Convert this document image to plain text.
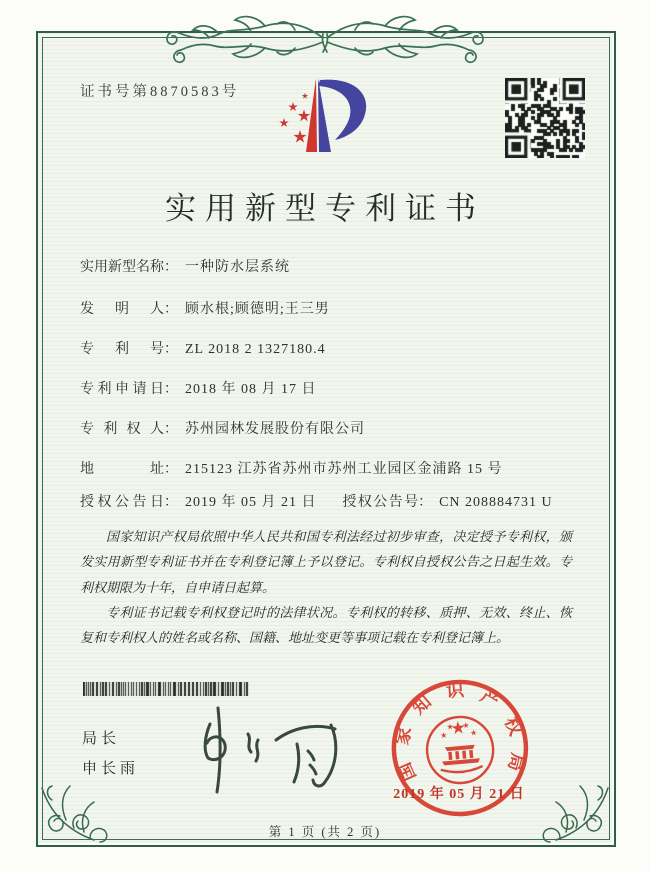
证书号第8870583号
实用新型专利证书
实用新型名称： 一种防水层系统
发明人： 顾水根;顾德明;王三男
专利号： ZL 2018 2 1327180.4
专利申请日： 2018 年 08 月 17 日
专利权人： 苏州园林发展股份有限公司
地址： 215123 江苏省苏州市苏州工业园区金浦路 15 号
授权公告日： 2019 年 05 月 21 日 授权公告号： CN 208884731 U

国家知识产权局依照中华人民共和国专利法经过初步审查，决定授予专利权，颁发实用新型专利证书并在专利登记簿上予以登记。专利权自授权公告之日起生效。专利权期限为十年，自申请日起算。

专利证书记载专利权登记时的法律状况。专利权的转移、质押、无效、终止、恢复和专利权人的姓名或名称、国籍、地址变更等事项记载在专利登记簿上。

局长
申长雨	国家知识产权局
2019 年 05 月 21 日
第 1 页 (共 2 页)
